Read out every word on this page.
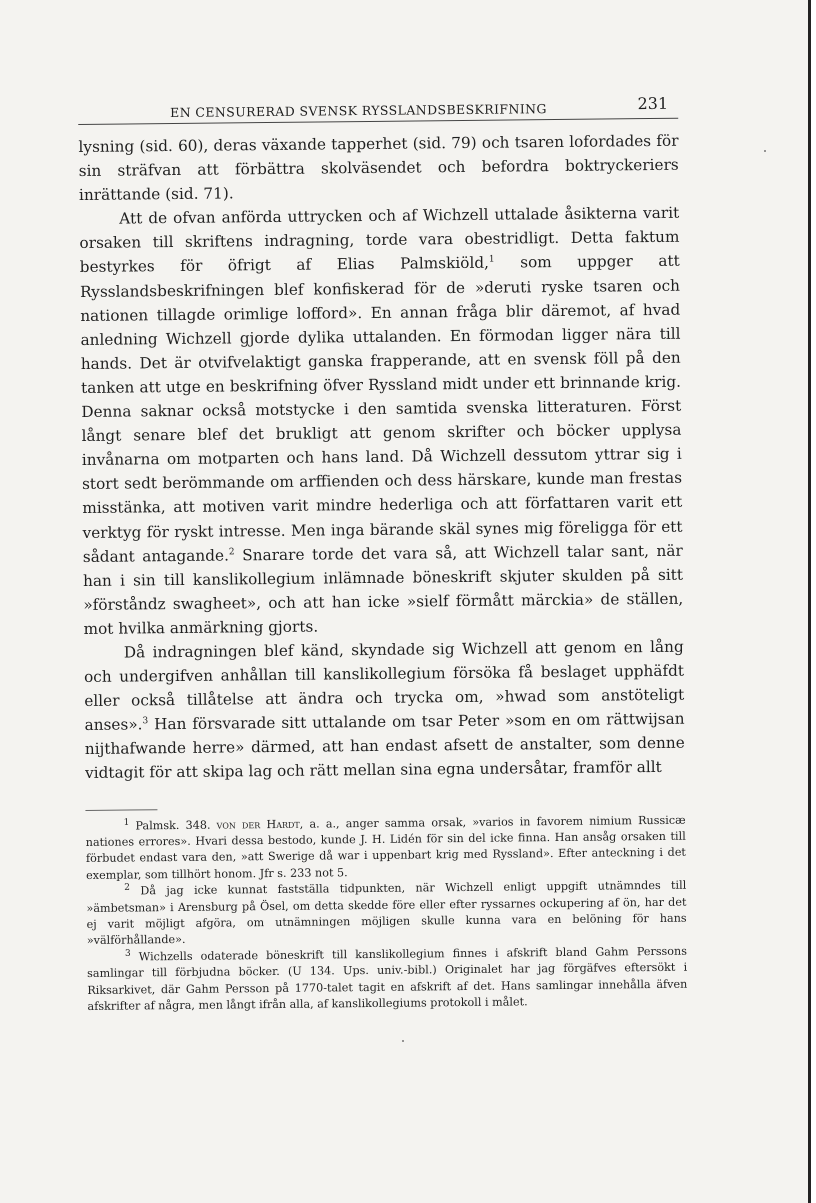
EN CENSURERAD SVENSK RYSSLANDSBESKRIFNING	231

lysning (sid. 60), deras växande tapperhet (sid. 79) och tsaren lofordades för sin sträfvan att förbättra skolväsendet och befordra boktryckeriers inrättande (sid. 71).

Att de ofvan anförda uttrycken och af Wichzell uttalade åsikterna varit orsaken till skriftens indragning, torde vara obestridligt. Detta faktum bestyrkes för öfrigt af Elias Palmskiöld,$^1$ som uppger att Rysslandsbeskrifningen blef konfiskerad för de »deruti ryske tsaren och nationen tillagde orimlige lofford». En annan fråga blir däremot, af hvad anledning Wichzell gjorde dylika uttalanden. En förmodan ligger nära till hands. Det är otvifvelaktigt ganska frapperande, att en svensk föll på den tanken att utge en beskrifning öfver Ryssland midt under ett brinnande krig. Denna saknar också motstycke i den samtida svenska litteraturen. Först långt senare blef det brukligt att genom skrifter och böcker upplysa invånarna om motparten och hans land. Då Wichzell dessutom yttrar sig i stort sedt berömmande om arffienden och dess härskare, kunde man frestas misstänka, att motiven varit mindre hederliga och att författaren varit ett verktyg för ryskt intresse. Men inga bärande skäl synes mig föreligga för ett sådant antagande.$^2$ Snarare torde det vara så, att Wichzell talar sant, när han i sin till kanslikollegium inlämnade böneskrift skjuter skulden på sitt »förståndz swagheet», och att han icke »sielf förmått märckia» de ställen, mot hvilka anmärkning gjorts.

Då indragningen blef känd, skyndade sig Wichzell att genom en lång och undergifven anhållan till kanslikollegium försöka få beslaget upphäfdt eller också tillåtelse att ändra och trycka om, »hwad som anstöteligt anses».$^3$ Han försvarade sitt uttalande om tsar Peter »som en om rättwijsan nijthafwande herre» därmed, att han endast afsett de anstalter, som denne vidtagit för att skipa lag och rätt mellan sina egna undersåtar, framför allt

$^1$ Palmsk. 348. von der Hardt, a. a., anger samma orsak, »varios in favorem nimium Russicæ nationes errores». Hvari dessa bestodo, kunde J. H. Lidén för sin del icke finna. Han ansåg orsaken till förbudet endast vara den, »att Swerige då war i uppenbart krig med Ryssland». Efter anteckning i det exemplar, som tillhört honom. Jfr s. 233 not 5.

$^2$ Då jag icke kunnat fastställa tidpunkten, när Wichzell enligt uppgift utnämndes till »ämbetsman» i Arensburg på Ösel, om detta skedde före eller efter ryssarnes ockupering af ön, har det ej varit möjligt afgöra, om utnämningen möjligen skulle kunna vara en belöning för hans »välförhållande».

$^3$ Wichzells odaterade böneskrift till kanslikollegium finnes i afskrift bland Gahm Perssons samlingar till förbjudna böcker. (U 134. Ups. univ.-bibl.) Originalet har jag förgäfves eftersökt i Riksarkivet, där Gahm Persson på 1770-talet tagit en afskrift af det. Hans samlingar innehålla äfven afskrifter af några, men långt ifrån alla, af kanslikollegiums protokoll i målet.
